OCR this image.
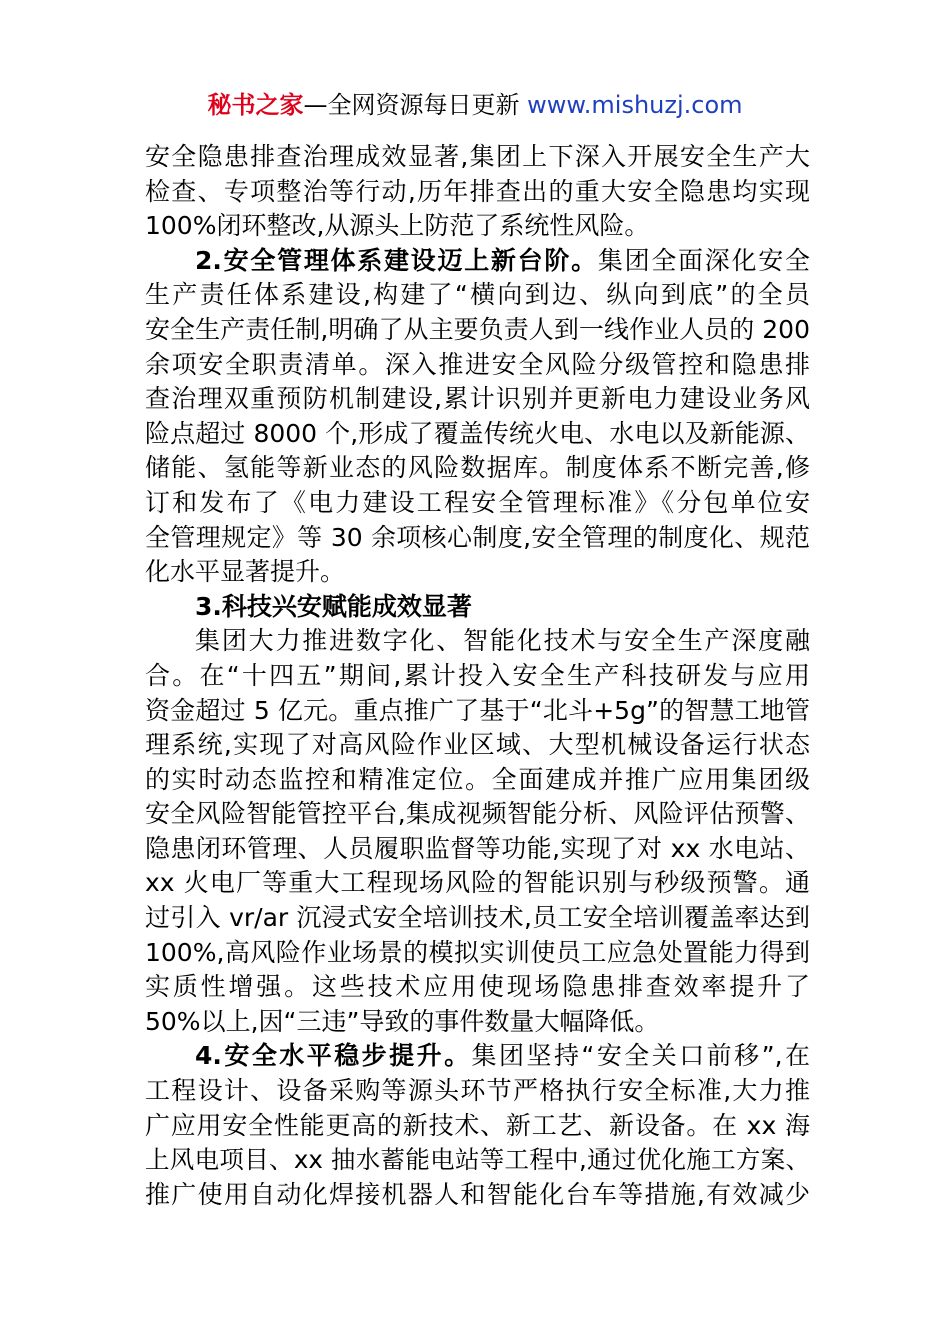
秘书之家—全网资源每日更新 www.mishuzj.com
安全隐患排查治理成效显著,集团上下深入开展安全生产大
检查、专项整治等行动,历年排查出的重大安全隐患均实现
100%闭环整改,从源头上防范了系统性风险。
2.安全管理体系建设迈上新台阶。集团全面深化安全
生产责任体系建设,构建了“横向到边、纵向到底”的全员
安全生产责任制,明确了从主要负责人到一线作业人员的 200
余项安全职责清单。深入推进安全风险分级管控和隐患排
查治理双重预防机制建设,累计识别并更新电力建设业务风
险点超过 8000 个,形成了覆盖传统火电、水电以及新能源、
储能、氢能等新业态的风险数据库。制度体系不断完善,修
订和发布了《电力建设工程安全管理标准》《分包单位安
全管理规定》等 30 余项核心制度,安全管理的制度化、规范
化水平显著提升。
3.科技兴安赋能成效显著
集团大力推进数字化、智能化技术与安全生产深度融
合。在“十四五”期间,累计投入安全生产科技研发与应用
资金超过 5 亿元。重点推广了基于“北斗+5g”的智慧工地管
理系统,实现了对高风险作业区域、大型机械设备运行状态
的实时动态监控和精准定位。全面建成并推广应用集团级
安全风险智能管控平台,集成视频智能分析、风险评估预警、
隐患闭环管理、人员履职监督等功能,实现了对 xx 水电站、
xx 火电厂等重大工程现场风险的智能识别与秒级预警。通
过引入 vr/ar 沉浸式安全培训技术,员工安全培训覆盖率达到
100%,高风险作业场景的模拟实训使员工应急处置能力得到
实质性增强。这些技术应用使现场隐患排查效率提升了
50%以上,因“三违”导致的事件数量大幅降低。
4.安全水平稳步提升。集团坚持“安全关口前移”,在
工程设计、设备采购等源头环节严格执行安全标准,大力推
广应用安全性能更高的新技术、新工艺、新设备。在 xx 海
上风电项目、xx 抽水蓄能电站等工程中,通过优化施工方案、
推广使用自动化焊接机器人和智能化台车等措施,有效减少
